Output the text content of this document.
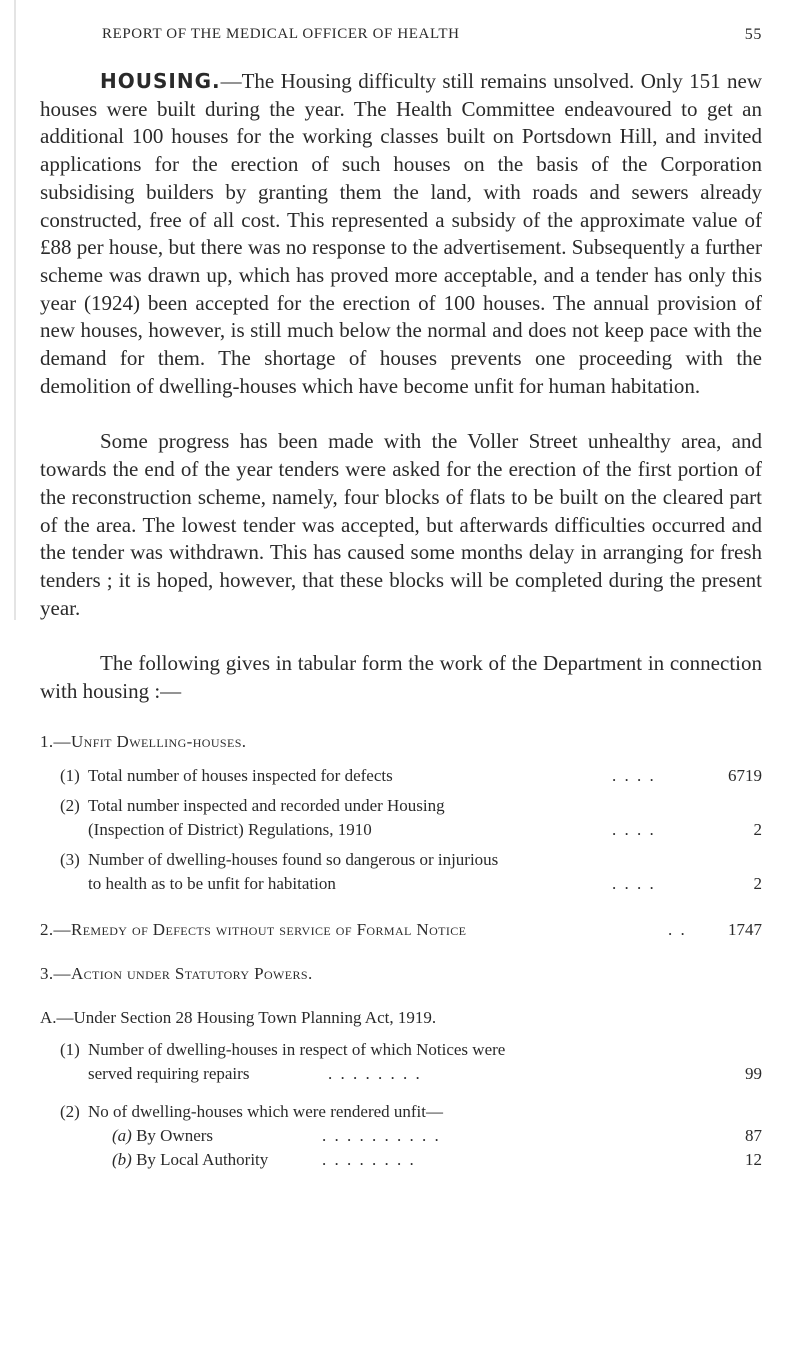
REPORT OF THE MEDICAL OFFICER OF HEALTH	55

HOUSING.—The Housing difficulty still remains unsolved. Only 151 new houses were built during the year. The Health Committee endeavoured to get an additional 100 houses for the working classes built on Portsdown Hill, and invited applications for the erection of such houses on the basis of the Corporation subsidising builders by granting them the land, with roads and sewers already constructed, free of all cost. This represented a subsidy of the approximate value of £88 per house, but there was no response to the advertisement. Subsequently a further scheme was drawn up, which has proved more acceptable, and a tender has only this year (1924) been accepted for the erection of 100 houses. The annual provision of new houses, however, is still much below the normal and does not keep pace with the demand for them. The shortage of houses prevents one proceeding with the demolition of dwelling-houses which have become unfit for human habitation.

Some progress has been made with the Voller Street unhealthy area, and towards the end of the year tenders were asked for the erection of the first portion of the reconstruction scheme, namely, four blocks of flats to be built on the cleared part of the area. The lowest tender was accepted, but afterwards difficulties occurred and the tender was withdrawn. This has caused some months delay in arranging for fresh tenders ; it is hoped, however, that these blocks will be completed during the present year.

The following gives in tabular form the work of the Department in connection with housing :—

1.—Unfit Dwelling-houses.
(1) Total number of houses inspected for defects	. . . .	6719
(2) Total number inspected and recorded under Housing
(Inspection of District) Regulations, 1910	. . . .	2
(3) Number of dwelling-houses found so dangerous or injurious
to health as to be unfit for habitation	. . . .	2
2.—Remedy of Defects without service of Formal Notice	. .	1747
3.—Action under Statutory Powers.
A.—Under Section 28 Housing Town Planning Act, 1919.
(1) Number of dwelling-houses in respect of which Notices were
served requiring repairs	. . . . . . . .	99
(2) No of dwelling-houses which were rendered unfit—
(a) By Owners	. . . . . . . . . .	87
(b) By Local Authority	. . . . . . . .	12
